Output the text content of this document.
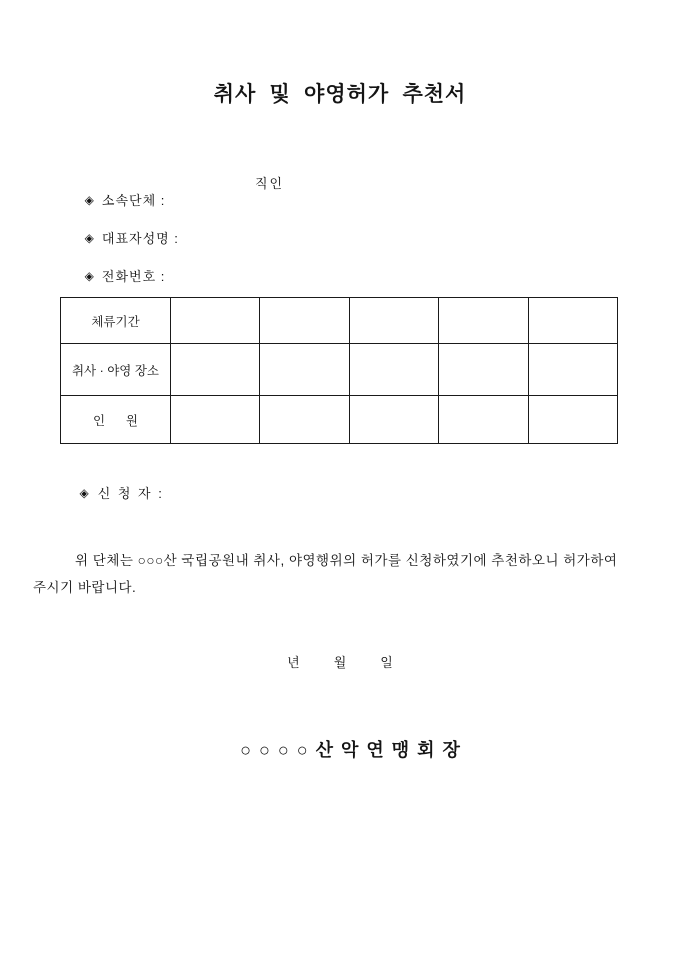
취사 및 야영허가 추천서

◈ 소속단체 :

직인

◈ 대표자성명 :

◈ 전화번호 :

체류기간					
취사 · 야영 장소					
인      원					

◈ 신 청 자 :

위 단체는 ○○○산 국립공원내 취사, 야영행위의 허가를 신청하였기에 추천하오니 허가하여
주시기 바랍니다.
년	월	일
○○○○산악연맹회장
